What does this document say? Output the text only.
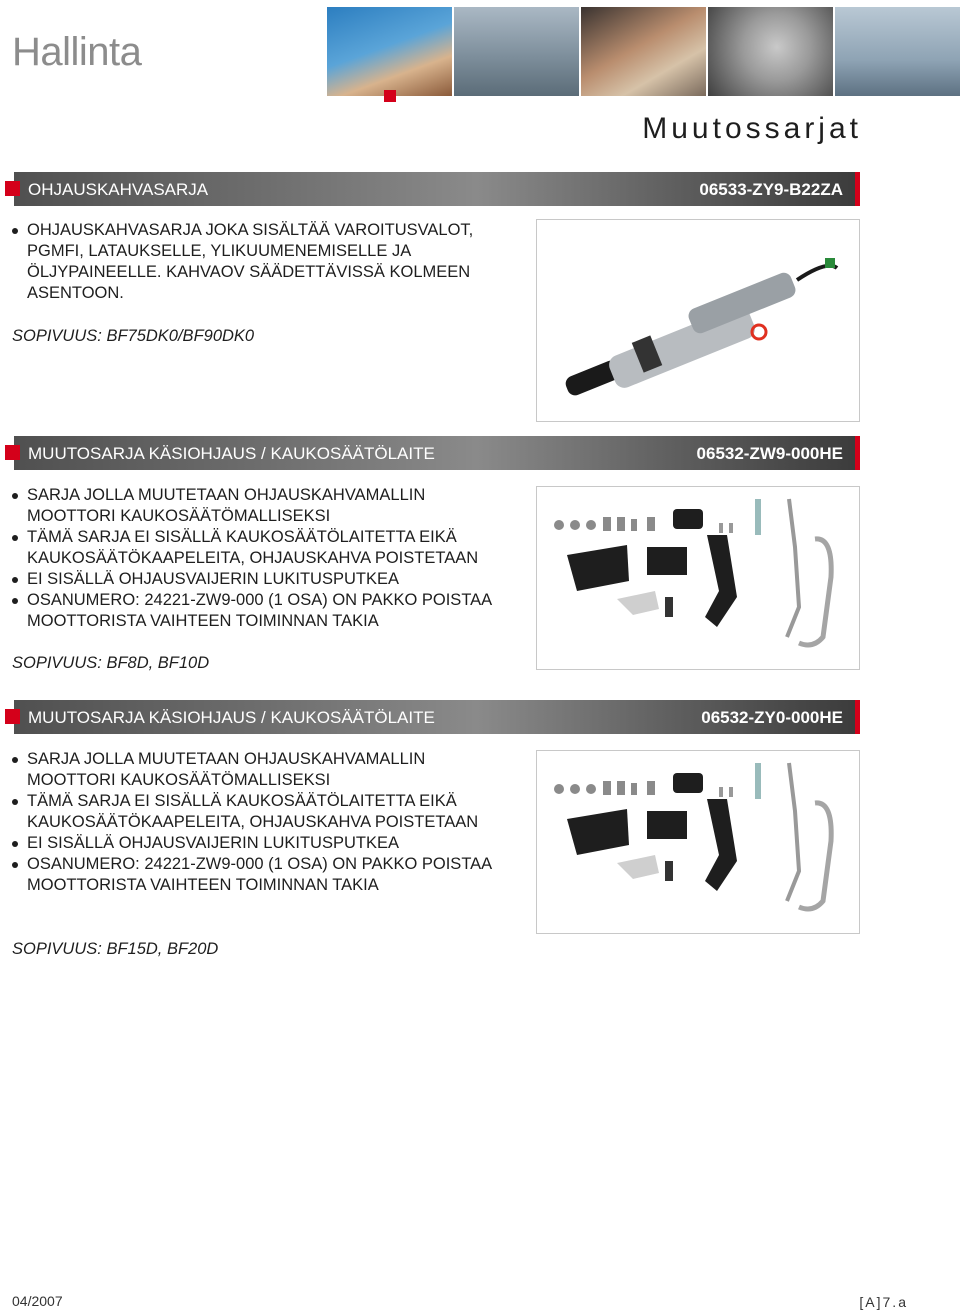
Hallinta
Muutossarjat
OHJAUSKAHVASARJA	06533-ZY9-B22ZA
OHJAUSKAHVASARJA JOKA SISÄLTÄÄ VAROITUSVALOT, PGMFI, LATAUKSELLE, YLIKUUMENEMISELLE JA ÖLJYPAINEELLE. KAHVAOV SÄÄDETTÄVISSÄ KOLMEEN ASENTOON.

SOPIVUUS: BF75DK0/BF90DK0

MUUTOSARJA KÄSIOHJAUS / KAUKOSÄÄTÖLAITE	06532-ZW9-000HE
SARJA JOLLA MUUTETAAN OHJAUSKAHVAMALLIN MOOTTORI KAUKOSÄÄTÖMALLISEKSI
TÄMÄ SARJA EI SISÄLLÄ KAUKOSÄÄTÖLAITETTA EIKÄ KAUKOSÄÄTÖKAAPELEITA, OHJAUSKAHVA POISTETAAN
EI SISÄLLÄ OHJAUSVAIJERIN LUKITUSPUTKEA
OSANUMERO: 24221-ZW9-000 (1 OSA) ON PAKKO POISTAA MOOTTORISTA VAIHTEEN TOIMINNAN TAKIA

SOPIVUUS: BF8D, BF10D

MUUTOSARJA KÄSIOHJAUS / KAUKOSÄÄTÖLAITE	06532-ZY0-000HE
SARJA JOLLA MUUTETAAN OHJAUSKAHVAMALLIN MOOTTORI KAUKOSÄÄTÖMALLISEKSI
TÄMÄ SARJA EI SISÄLLÄ KAUKOSÄÄTÖLAITETTA EIKÄ KAUKOSÄÄTÖKAAPELEITA, OHJAUSKAHVA POISTETAAN
EI SISÄLLÄ OHJAUSVAIJERIN LUKITUSPUTKEA
OSANUMERO: 24221-ZW9-000 (1 OSA) ON PAKKO POISTAA MOOTTORISTA VAIHTEEN TOIMINNAN TAKIA

SOPIVUUS: BF15D, BF20D

04/2007	[A]7.a
